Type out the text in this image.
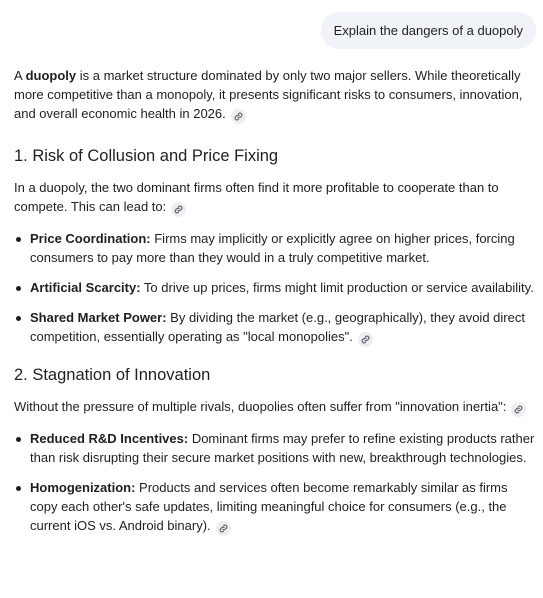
Explain the dangers of a duopoly

A duopoly is a market structure dominated by only two major sellers. While theoretically more competitive than a monopoly, it presents significant risks to consumers, innovation, and overall economic health in 2026.

1. Risk of Collusion and Price Fixing

In a duopoly, the two dominant firms often find it more profitable to cooperate than to compete. This can lead to:

Price Coordination: Firms may implicitly or explicitly agree on higher prices, forcing consumers to pay more than they would in a truly competitive market.
Artificial Scarcity: To drive up prices, firms might limit production or service availability.
Shared Market Power: By dividing the market (e.g., geographically), they avoid direct competition, essentially operating as "local monopolies".
2. Stagnation of Innovation

Without the pressure of multiple rivals, duopolies often suffer from "innovation inertia":

Reduced R&D Incentives: Dominant firms may prefer to refine existing products rather than risk disrupting their secure market positions with new, breakthrough technologies.
Homogenization: Products and services often become remarkably similar as firms copy each other's safe updates, limiting meaningful choice for consumers (e.g., the current iOS vs. Android binary).
